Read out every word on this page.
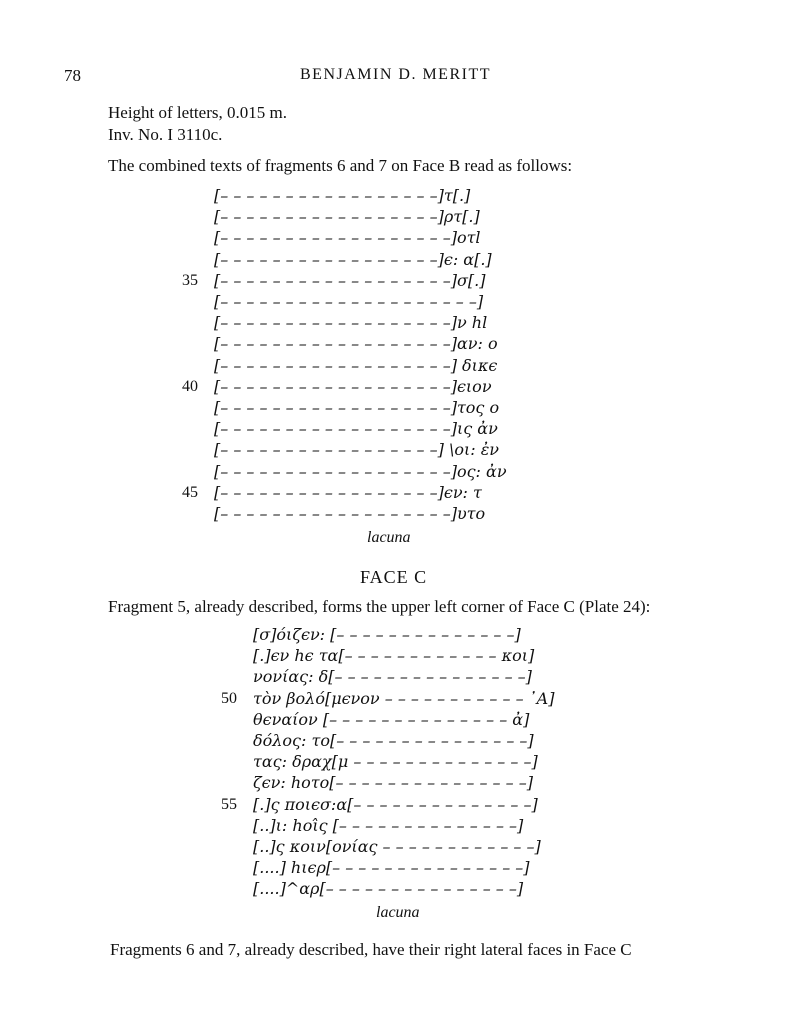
78	BENJAMIN D. MERITT
Height of letters, 0.015 m.
Inv. No. I 3110c.
The combined texts of fragments 6 and 7 on Face B read as follows:
[– – – – – – – – – – – – – – – – –]τ[.]
[– – – – – – – – – – – – – – – – –]ρτ[.]
[– – – – – – – – – – – – – – – – – –]οτl
[– – – – – – – – – – – – – – – – –]ϵ: α[.]
35 [– – – – – – – – – – – – – – – – – –]σ[.]
[– – – – – – – – – – – – – – – – – – – –]
[– – – – – – – – – – – – – – – – – –]ν hl
[– – – – – – – – – – – – – – – – – –]αν: ο
[– – – – – – – – – – – – – – – – – –] δικϵ
40 [– – – – – – – – – – – – – – – – – –]ϵιον
[– – – – – – – – – – – – – – – – – –]τος ο
[– – – – – – – – – – – – – – – – – –]ις ἀν
[– – – – – – – – – – – – – – – – –] \οι: ἐν
[– – – – – – – – – – – – – – – – – –]ος: ἀν
45 [– – – – – – – – – – – – – – – – –]ϵν: τ
[– – – – – – – – – – – – – – – – – –]υτο
lacuna
FACE C
Fragment 5, already described, forms the upper left corner of Face C (Plate 24):
[σ]όιζϵν: [– – – – – – – – – – – – – –]
[.]ϵν hϵ τα[– – – – – – – – – – – – κοι]
νονίας: δ[– – – – – – – – – – – – – – –]
50 τὸν βολό[μϵνον – – – – – – – – – – – ᾽Α]
θϵναίον [– – – – – – – – – – – – – – ἀ]
δόλος: το[– – – – – – – – – – – – – – –]
τας: δραχ[μ – – – – – – – – – – – – – –]
ζϵν: hοτο[– – – – – – – – – – – – – – –]
55 [.]ς ποιϵσ:α[– – – – – – – – – – – – – –]
[..]ι: hοι̂ς [– – – – – – – – – – – – – –]
[..]ς κοιν[ονίας – – – – – – – – – – – –]
[....] hιϵρ[– – – – – – – – – – – – – – –]
[....]^αρ[– – – – – – – – – – – – – – –]
lacuna
Fragments 6 and 7, already described, have their right lateral faces in Face C
